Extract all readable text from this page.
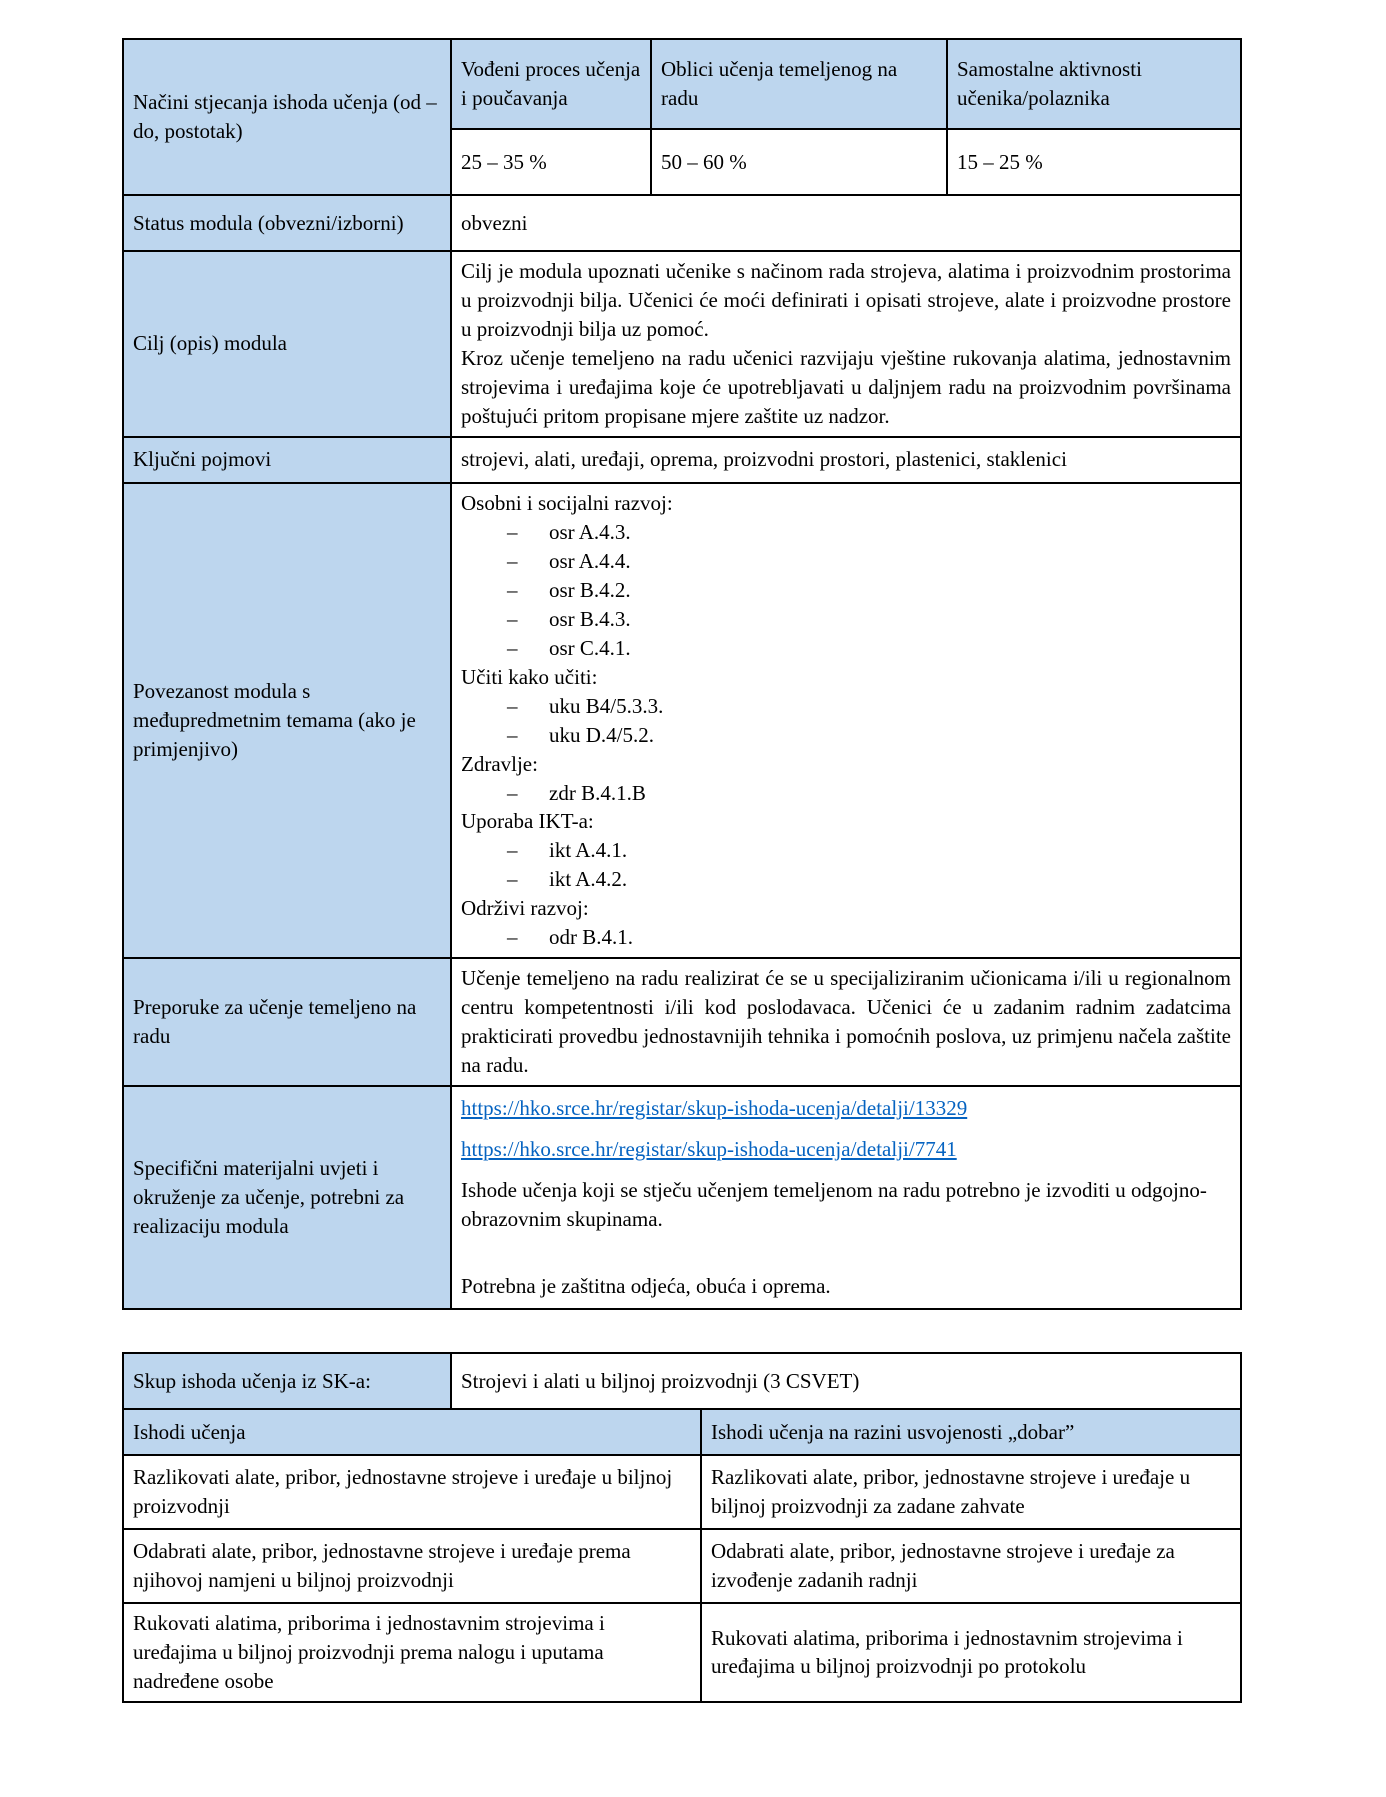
Načini stjecanja ishoda učenja (od – do, postotak)	Vođeni proces učenja i poučavanja	Oblici učenja temeljenog na radu	Samostalne aktivnosti učenika/polaznika
	25 – 35 %	50 – 60 %	15 – 25 %
Status modula (obvezni/izborni)	obvezni		
Cilj (opis) modula	Cilj je modula upoznati učenike s načinom rada strojeva, alatima i proizvodnim prostorima u proizvodnji bilja. Učenici će moći definirati i opisati strojeve, alate i proizvodne prostore u proizvodnji bilja uz pomoć.

Kroz učenje temeljeno na radu učenici razvijaju vještine rukovanja alatima, jednostavnim strojevima i uređajima koje će upotrebljavati u daljnjem radu na proizvodnim površinama poštujući pritom propisane mjere zaštite uz nadzor.		

Ključni pojmovi	strojevi, alati, uređaji, oprema, proizvodni prostori, plastenici, staklenici		
Povezanost modula s međupredmetnim temama (ako je primjenjivo)	
Osobni i socijalni razvoj:
– osr A.4.3.
– osr A.4.4.
– osr B.4.2.
– osr B.4.3.
– osr C.4.1.
Učiti kako učiti:
– uku B4/5.3.3.
– uku D.4/5.2.
Zdravlje:
– zdr B.4.1.B
Uporaba IKT-a:
– ikt A.4.1.
– ikt A.4.2.
Održivi razvoj:
– odr B.4.1.

Preporuke za učenje temeljeno na radu	Učenje temeljeno na radu realizirat će se u specijaliziranim učionicama i/ili u regionalnom centru kompetentnosti i/ili kod poslodavaca. Učenici će u zadanim radnim zadatcima prakticirati provedbu jednostavnijih tehnika i pomoćnih poslova, uz primjenu načela zaštite na radu.		

Specifični materijalni uvjeti i okruženje za učenje, potrebni za realizaciju modula	https://hko.srce.hr/registar/skup-ishoda-ucenja/detalji/13329

https://hko.srce.hr/registar/skup-ishoda-ucenja/detalji/7741

Ishode učenja koji se stječu učenjem temeljenom na radu potrebno je izvoditi u odgojno-obrazovnim skupinama.

Potrebna je zaštitna odjeća, obuća i oprema.		

Skup ishoda učenja iz SK-a:	Strojevi i alati u biljnoj proizvodnji (3 CSVET)	
Ishodi učenja		Ishodi učenja na razini usvojenosti „dobar”
Razlikovati alate, pribor, jednostavne strojeve i uređaje u biljnoj proizvodnji		Razlikovati alate, pribor, jednostavne strojeve i uređaje u biljnoj proizvodnji za zadane zahvate
Odabrati alate, pribor, jednostavne strojeve i uređaje prema njihovoj namjeni u biljnoj proizvodnji		Odabrati alate, pribor, jednostavne strojeve i uređaje za izvođenje zadanih radnji
Rukovati alatima, priborima i jednostavnim strojevima i uređajima u biljnoj proizvodnji prema nalogu i uputama nadređene osobe		Rukovati alatima, priborima i jednostavnim strojevima i uređajima u biljnoj proizvodnji po protokolu
